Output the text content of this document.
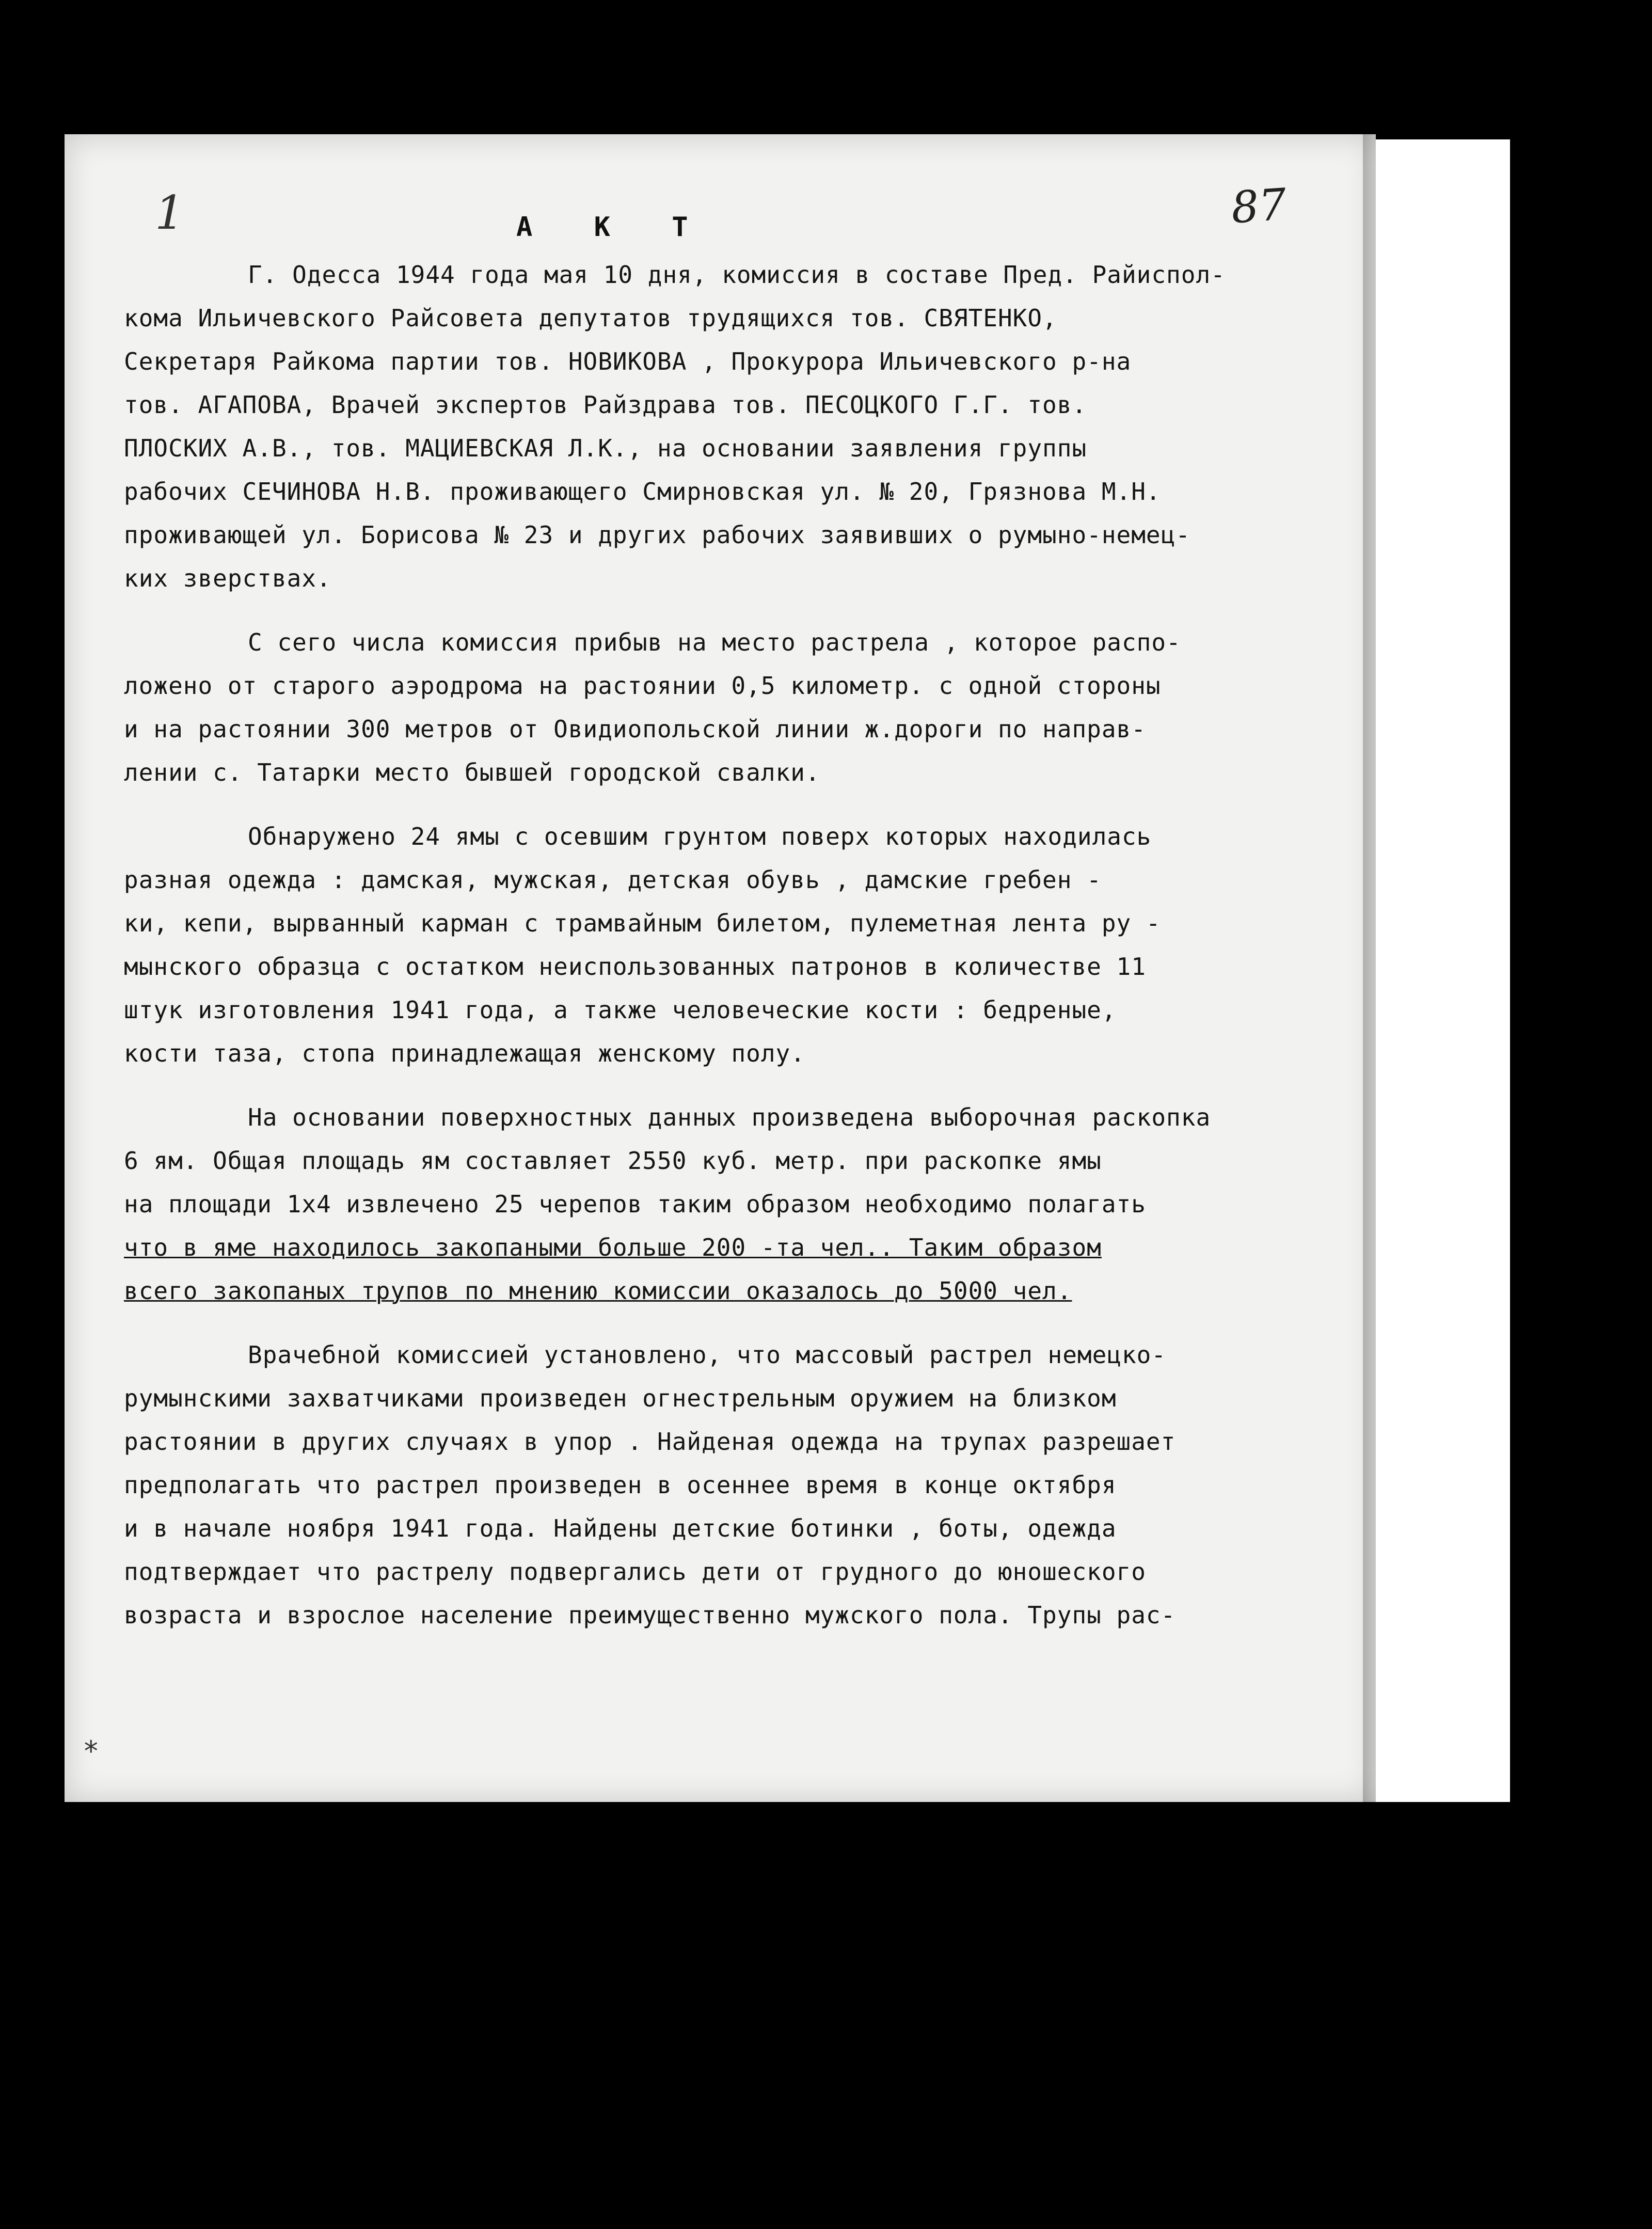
1	87
А К Т
Г. Одесса 1944 года мая 10 дня, комиссия в составе Пред. Райиспол-
кома Ильичевского Райсовета депутатов трудящихся тов. СВЯТЕНКО,
Секретаря Райкома партии тов. НОВИКОВА , Прокурора Ильичевского р-на
тов. АГАПОВА, Врачей экспертов Райздрава тов. ПЕСОЦКОГО Г.Г. тов.
ПЛОСКИХ А.В., тов. МАЦИЕВСКАЯ Л.К., на основании заявления группы
рабочих СЕЧИНОВА Н.В. проживающего Смирновская ул. № 20, Грязнова М.Н.
проживающей ул. Борисова № 23 и других рабочих заявивших о румыно-немец-
ких зверствах.
С сего числа комиссия прибыв на место растрела , которое распо-
ложено от старого аэродрома на растоянии 0,5 километр. с одной стороны
и на растоянии 300 метров от Овидиопольской линии ж.дороги по направ-
лении с. Татарки место бывшей городской свалки.
Обнаружено 24 ямы с осевшим грунтом поверх которых находилась
разная одежда : дамская, мужская, детская обувь , дамские гребен -
ки, кепи, вырванный карман с трамвайным билетом, пулеметная лента ру -
мынского образца с остатком неиспользованных патронов в количестве 11
штук изготовления 1941 года, а также человеческие кости : бедреные,
кости таза, стопа принадлежащая женскому полу.
На основании поверхностных данных произведена выборочная раскопка
6 ям. Общая площадь ям составляет 2550 куб. метр. при раскопке ямы
на площади 1х4 извлечено 25 черепов таким образом необходимо полагать
что в яме находилось закопаными больше 200 -та чел.. Таким образом
всего закопаных трупов по мнению комиссии оказалось до 5000 чел.
Врачебной комиссией установлено, что массовый растрел немецко-
румынскими захватчиками произведен огнестрельным оружием на близком
растоянии в других случаях в упор . Найденая одежда на трупах разрешает
предполагать что растрел произведен в осеннее время в конце октября
и в начале ноября 1941 года. Найдены детские ботинки , боты, одежда
подтверждает что растрелу подвергались дети от грудного до юношеского
возраста и взрослое население преимущественно мужского пола. Трупы рас-
*
